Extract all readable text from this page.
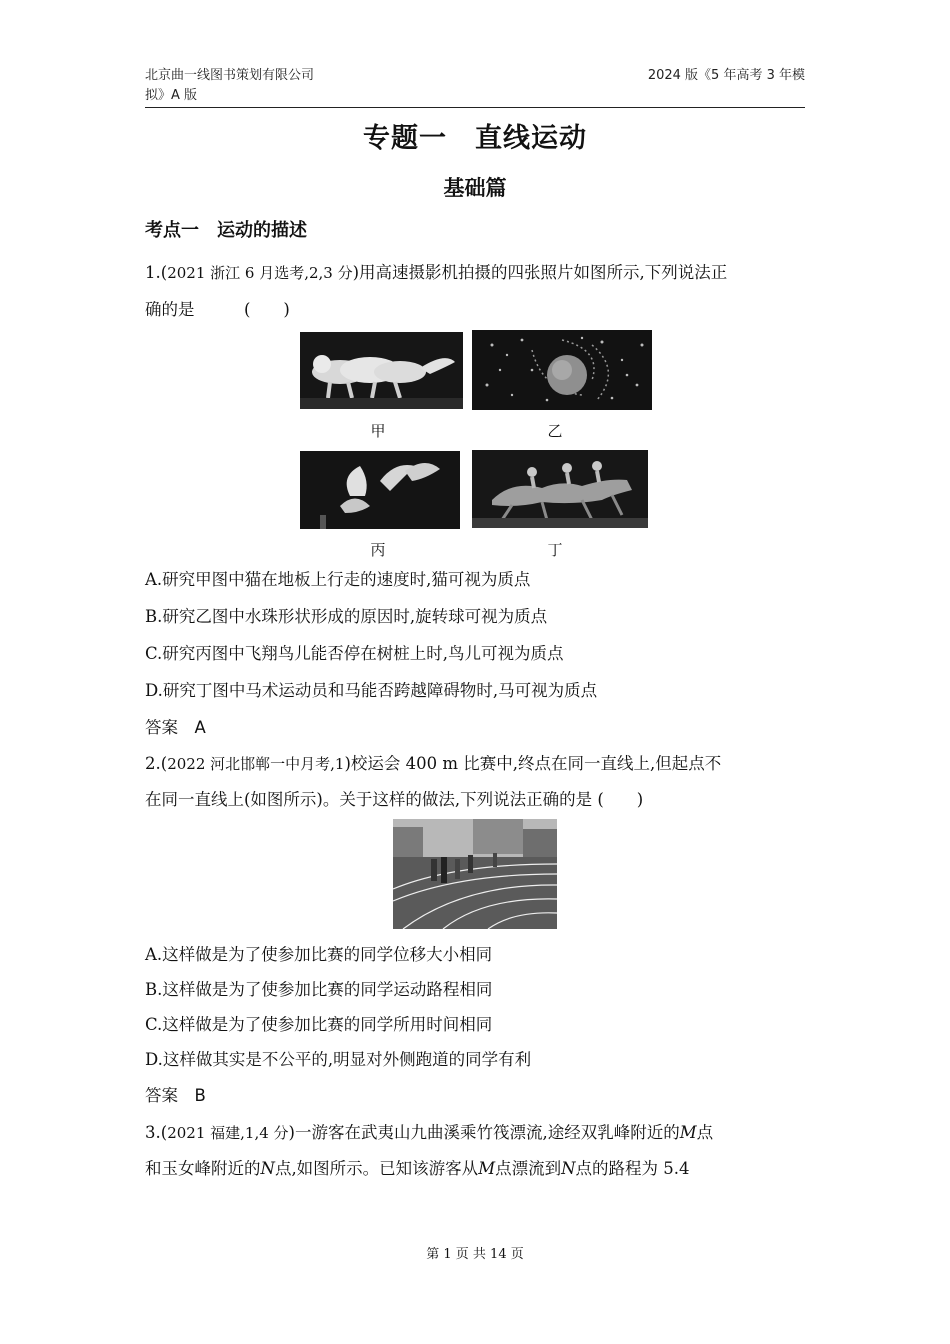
北京曲一线图书策划有限公司
拟》A 版
2024 版《5 年高考 3 年模
专题一　直线运动
基础篇
考点一　运动的描述
1.(2021 浙江 6 月选考,2,3 分)用高速摄影机拍摄的四张照片如图所示,下列说法正
确的是　　　(　　)
甲	乙
丙	丁
A.研究甲图中猫在地板上行走的速度时,猫可视为质点
B.研究乙图中水珠形状形成的原因时,旋转球可视为质点
C.研究丙图中飞翔鸟儿能否停在树桩上时,鸟儿可视为质点
D.研究丁图中马术运动员和马能否跨越障碍物时,马可视为质点
答案　A
2.(2022 河北邯郸一中月考,1)校运会 400 m 比赛中,终点在同一直线上,但起点不
在同一直线上(如图所示)。关于这样的做法,下列说法正确的是 (　　)
A.这样做是为了使参加比赛的同学位移大小相同
B.这样做是为了使参加比赛的同学运动路程相同
C.这样做是为了使参加比赛的同学所用时间相同
D.这样做其实是不公平的,明显对外侧跑道的同学有利
答案　B
3.(2021 福建,1,4 分)一游客在武夷山九曲溪乘竹筏漂流,途经双乳峰附近的M点
和玉女峰附近的N点,如图所示。已知该游客从M点漂流到N点的路程为 5.4
第 1 页 共 14 页
